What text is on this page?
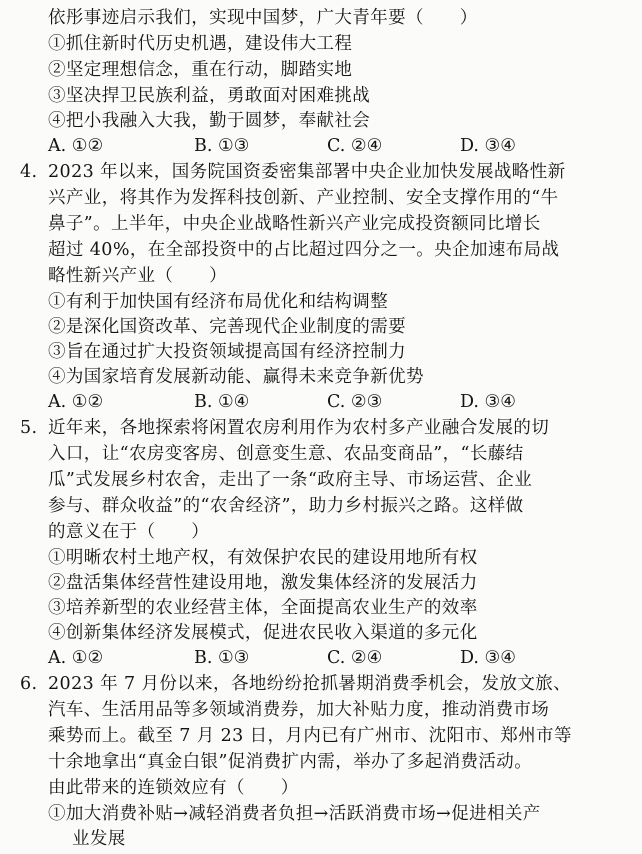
依彤事迹启示我们，实现中国梦，广大青年要（　　）
①抓住新时代历史机遇，建设伟大工程
②坚定理想信念，重在行动，脚踏实地
③坚决捍卫民族利益，勇敢面对困难挑战
④把小我融入大我，勤于圆梦，奉献社会
A. ①②	B. ①③	C. ②④	D. ③④
4. 2023 年以来，国务院国资委密集部署中央企业加快发展战略性新
兴产业，将其作为发挥科技创新、产业控制、安全支撑作用的“牛
鼻子”。上半年，中央企业战略性新兴产业完成投资额同比增长
超过 40%，在全部投资中的占比超过四分之一。央企加速布局战
略性新兴产业（　　）
①有利于加快国有经济布局优化和结构调整
②是深化国资改革、完善现代企业制度的需要
③旨在通过扩大投资领域提高国有经济控制力
④为国家培育发展新动能、赢得未来竞争新优势
A. ①②	B. ①④	C. ②③	D. ③④
5. 近年来，各地探索将闲置农房利用作为农村多产业融合发展的切
入口，让“农房变客房、创意变生意、农品变商品”，“长藤结
瓜”式发展乡村农舍，走出了一条“政府主导、市场运营、企业
参与、群众收益”的“农舍经济”，助力乡村振兴之路。这样做
的意义在于（　　）
①明晰农村土地产权，有效保护农民的建设用地所有权
②盘活集体经营性建设用地，激发集体经济的发展活力
③培养新型的农业经营主体，全面提高农业生产的效率
④创新集体经济发展模式，促进农民收入渠道的多元化
A. ①②	B. ①③	C. ②④	D. ③④
6. 2023 年 7 月份以来，各地纷纷抢抓暑期消费季机会，发放文旅、
汽车、生活用品等多领域消费券，加大补贴力度，推动消费市场
乘势而上。截至 7 月 23 日，月内已有广州市、沈阳市、郑州市等
十余地拿出“真金白银”促消费扩内需，举办了多起消费活动。
由此带来的连锁效应有（　　）
①加大消费补贴→减轻消费者负担→活跃消费市场→促进相关产
业发展
